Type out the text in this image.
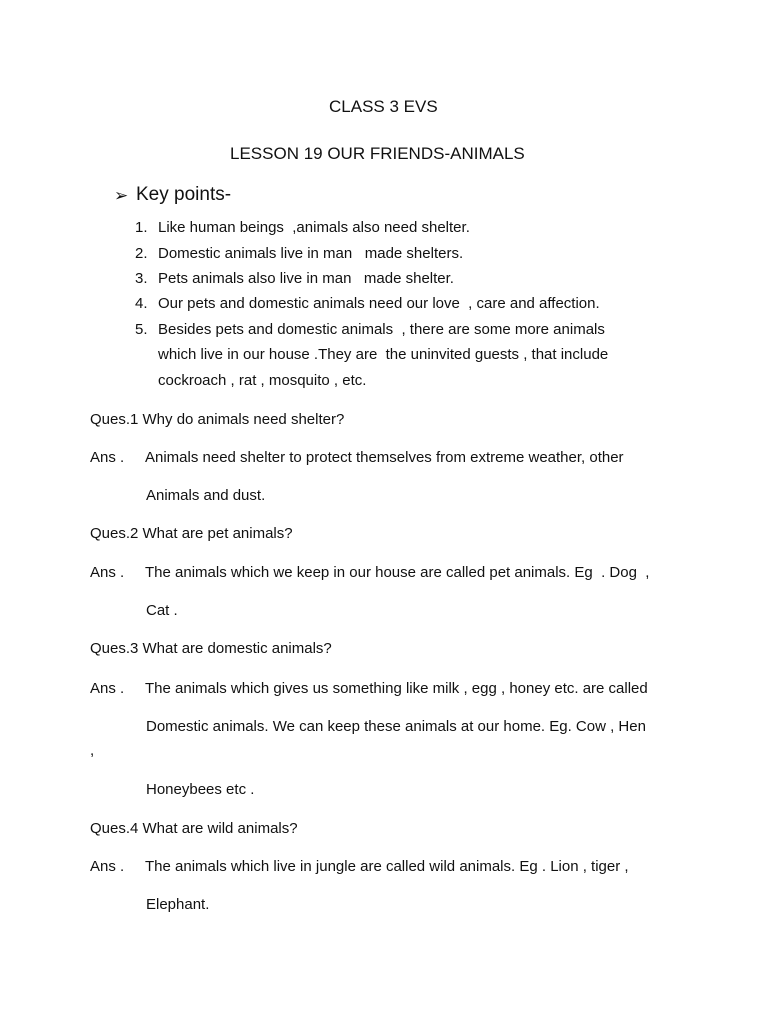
CLASS 3 EVS
LESSON 19 OUR FRIENDS-ANIMALS
➢ Key points-
1. Like human beings  ,animals also need shelter.
2. Domestic animals live in man   made shelters.
3. Pets animals also live in man   made shelter.
4. Our pets and domestic animals need our love  , care and affection.
5. Besides pets and domestic animals  , there are some more animals
which live in our house .They are  the uninvited guests , that include
cockroach , rat , mosquito , etc.
Ques.1 Why do animals need shelter?
Ans . Animals need shelter to protect themselves from extreme weather, other
Animals and dust.
Ques.2 What are pet animals?
Ans . The animals which we keep in our house are called pet animals. Eg  . Dog  ,
Cat .
Ques.3 What are domestic animals?
Ans . The animals which gives us something like milk , egg , honey etc. are called
Domestic animals. We can keep these animals at our home. Eg. Cow , Hen
,
Honeybees etc .
Ques.4 What are wild animals?
Ans . The animals which live in jungle are called wild animals. Eg . Lion , tiger ,
Elephant.
